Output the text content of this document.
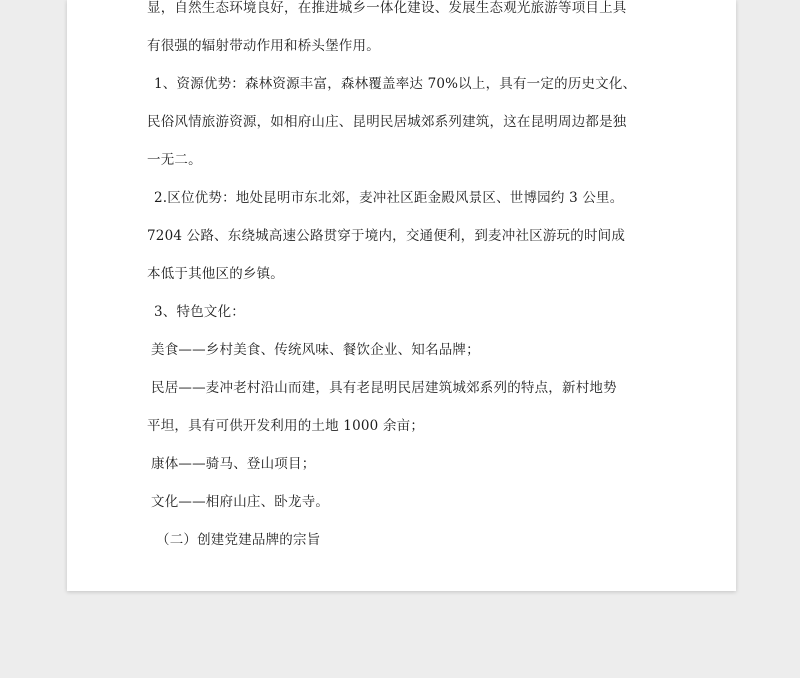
显，自然生态环境良好，在推进城乡一体化建设、发展生态观光旅游等项目上具
有很强的辐射带动作用和桥头堡作用。
1、资源优势：森林资源丰富，森林覆盖率达 70%以上，具有一定的历史文化、
民俗风情旅游资源，如相府山庄、昆明民居城郊系列建筑，这在昆明周边都是独
一无二。
2.区位优势：地处昆明市东北郊，麦冲社区距金殿风景区、世博园约 3 公里。
7204 公路、东绕城高速公路贯穿于境内，交通便利，到麦冲社区游玩的时间成
本低于其他区的乡镇。
3、特色文化：
美食——乡村美食、传统风味、餐饮企业、知名品牌；
民居——麦冲老村沿山而建，具有老昆明民居建筑城郊系列的特点，新村地势
平坦，具有可供开发利用的土地 1000 余亩；
康体——骑马、登山项目；
文化——相府山庄、卧龙寺。
（二）创建党建品牌的宗旨
